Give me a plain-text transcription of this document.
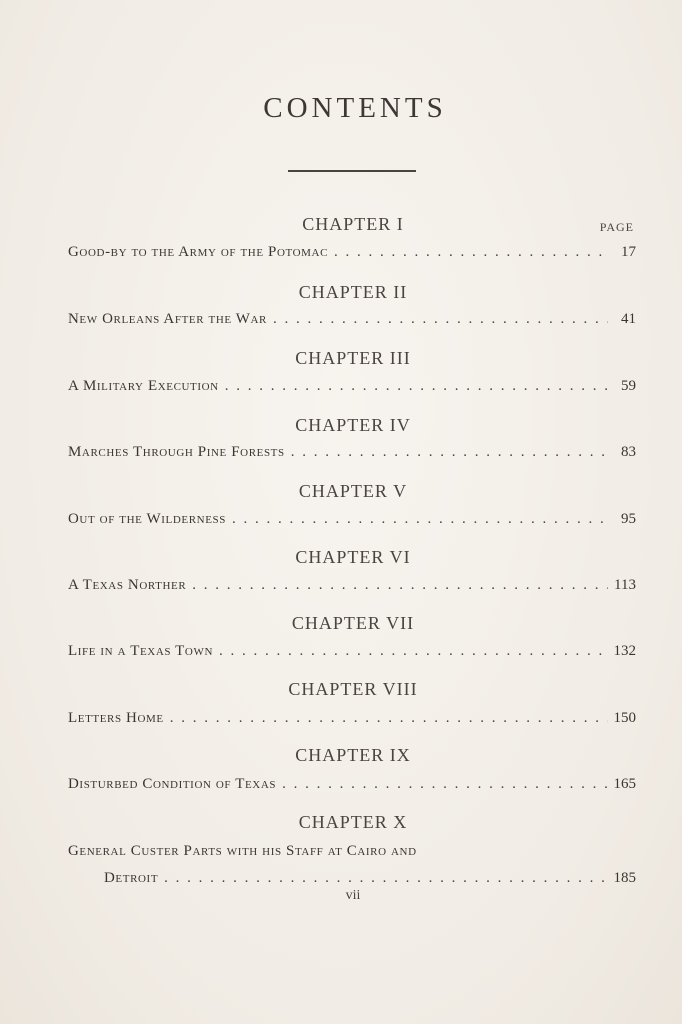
CONTENTS
PAGE
CHAPTER I
Good-by to the Army of the Potomac . . .	17
CHAPTER II
New Orleans After the War . . .	41
CHAPTER III
A Military Execution . . .	59
CHAPTER IV
Marches Through Pine Forests . . .	83
CHAPTER V
Out of the Wilderness . . .	95
CHAPTER VI
A Texas Norther . . .	113
CHAPTER VII
Life in a Texas Town . . .	132
CHAPTER VIII
Letters Home . . .	150
CHAPTER IX
Disturbed Condition of Texas . . .	165
CHAPTER X
General Custer Parts with his Staff at Cairo and
Detroit . . .	185
vii
